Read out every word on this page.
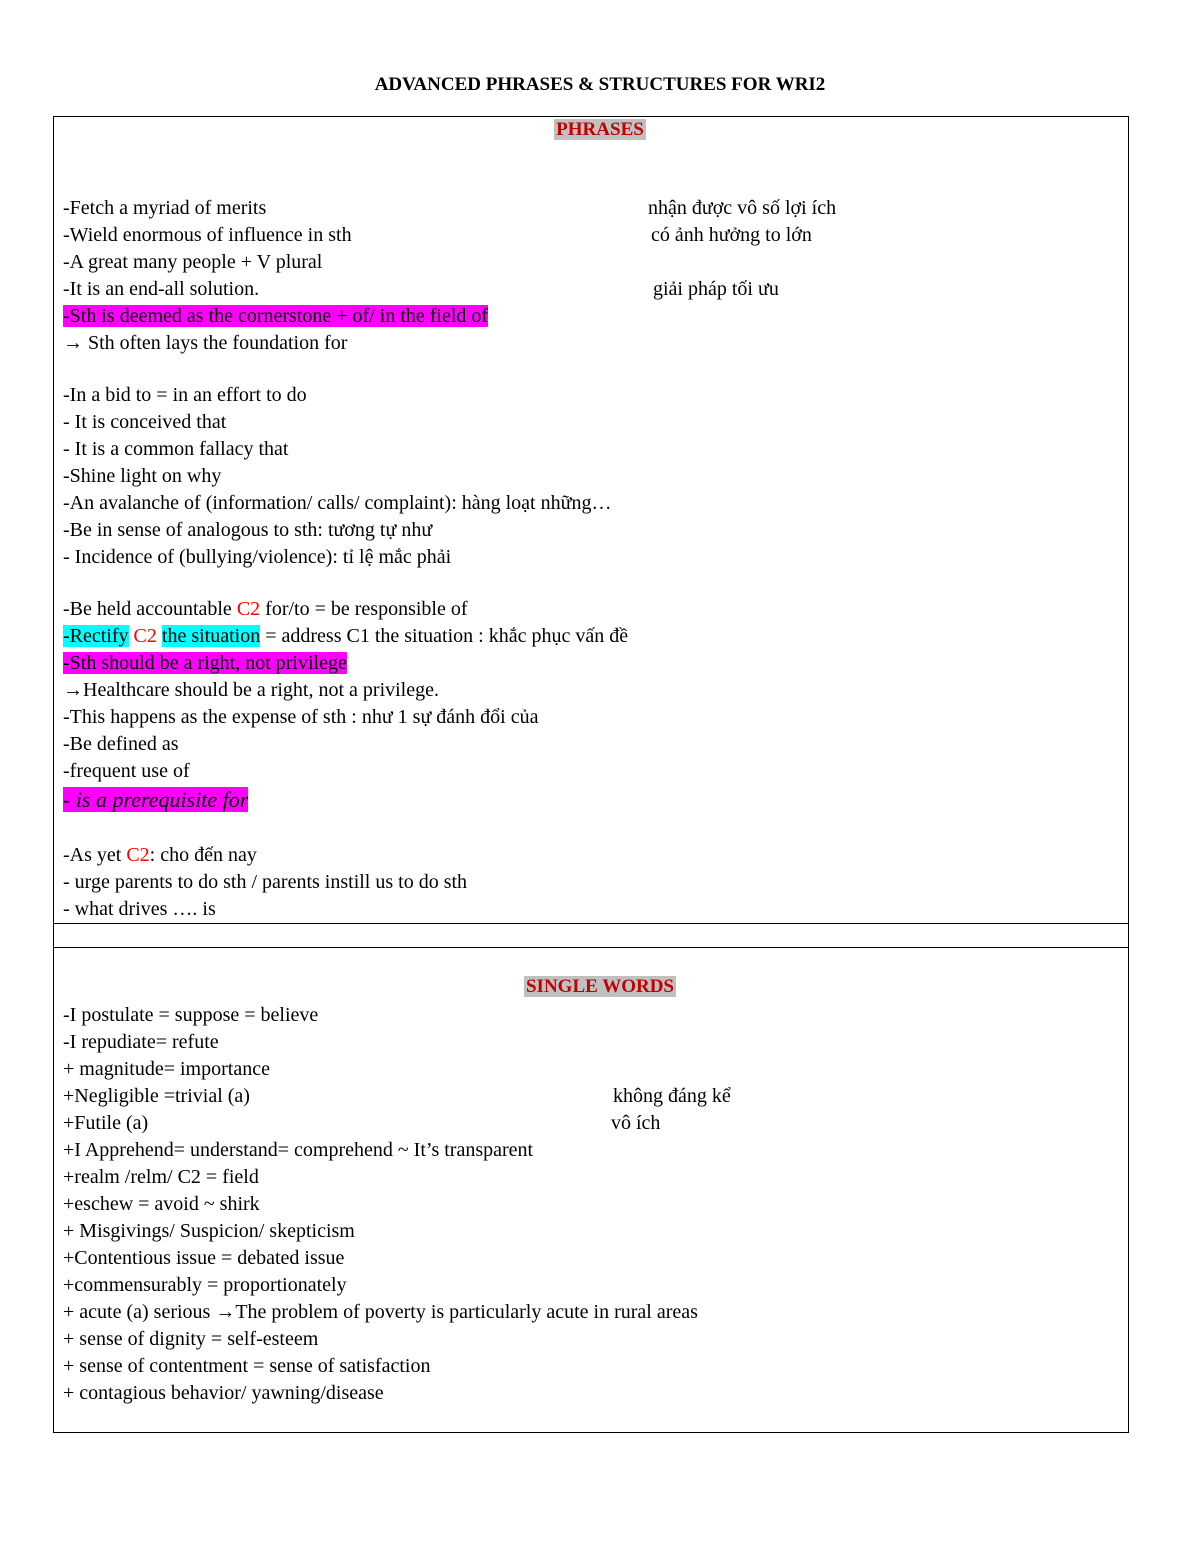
ADVANCED PHRASES & STRUCTURES FOR WRI2
PHRASES
-Fetch a myriad of merits	nhận được vô số lợi ích
-Wield enormous of influence in sth	có ảnh hưởng to lớn
-A great many people + V plural
-It is an end-all solution.	giải pháp tối ưu
-Sth is deemed as the cornerstone + of/ in the field of
→ Sth often lays the foundation for
-In a bid to = in an effort to do
- It is conceived that
- It is a common fallacy that
-Shine light on why
-An avalanche of (information/ calls/ complaint): hàng loạt những…
-Be in sense of analogous to sth: tương tự như
- Incidence of (bullying/violence): tỉ lệ mắc phải
-Be held accountable C2 for/to = be responsible of
-Rectify C2 the situation = address C1 the situation : khắc phục vấn đề
-Sth should be a right, not privilege
→Healthcare should be a right, not a privilege.
-This happens as the expense of sth : như 1 sự đánh đổi của
-Be defined as
-frequent use of
- is a prerequisite for
-As yet C2: cho đến nay
- urge parents to do sth / parents instill us to do sth
- what drives …. is
SINGLE WORDS
-I postulate = suppose = believe
-I repudiate= refute
+ magnitude= importance
+Negligible =trivial (a)	không đáng kể
+Futile (a)	vô ích
+I Apprehend= understand= comprehend ~ It’s transparent
+realm /relm/ C2 = field
+eschew = avoid ~ shirk
+ Misgivings/ Suspicion/ skepticism
+Contentious issue = debated issue
+commensurably = proportionately
+ acute (a) serious →The problem of poverty is particularly acute in rural areas
+ sense of dignity = self-esteem
+ sense of contentment = sense of satisfaction
+ contagious behavior/ yawning/disease
